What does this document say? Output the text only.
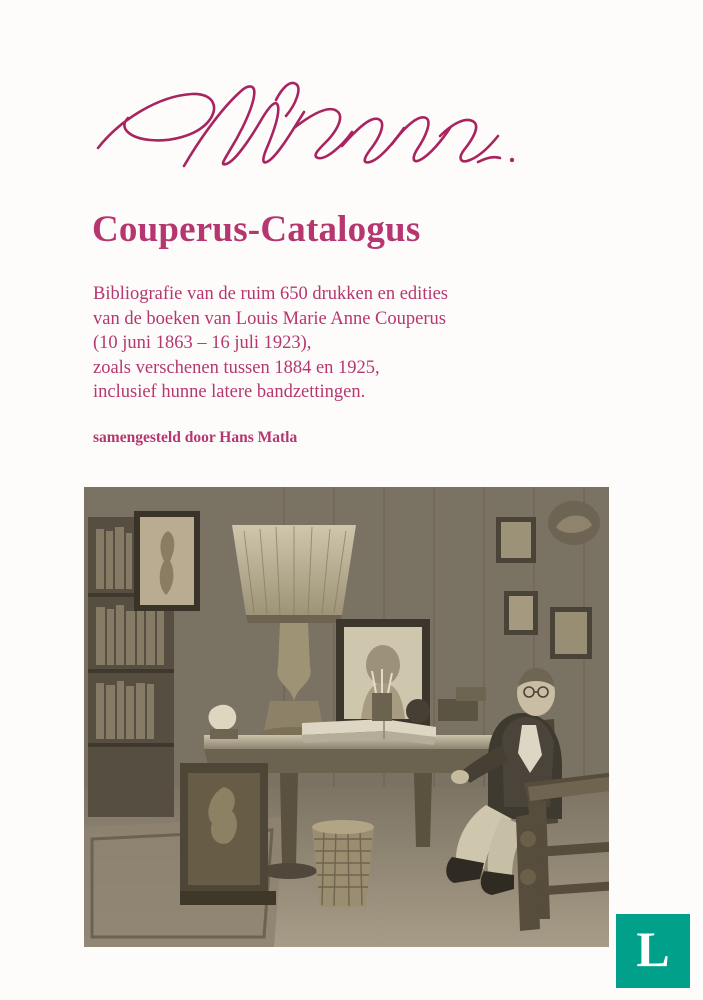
Couperus-Catalogus
Bibliografie van de ruim 650 drukken en edities
van de boeken van Louis Marie Anne Couperus
(10 juni 1863 – 16 juli 1923),
zoals verschenen tussen 1884 en 1925,
inclusief hunne latere bandzettingen.
samengesteld door Hans Matla
L
